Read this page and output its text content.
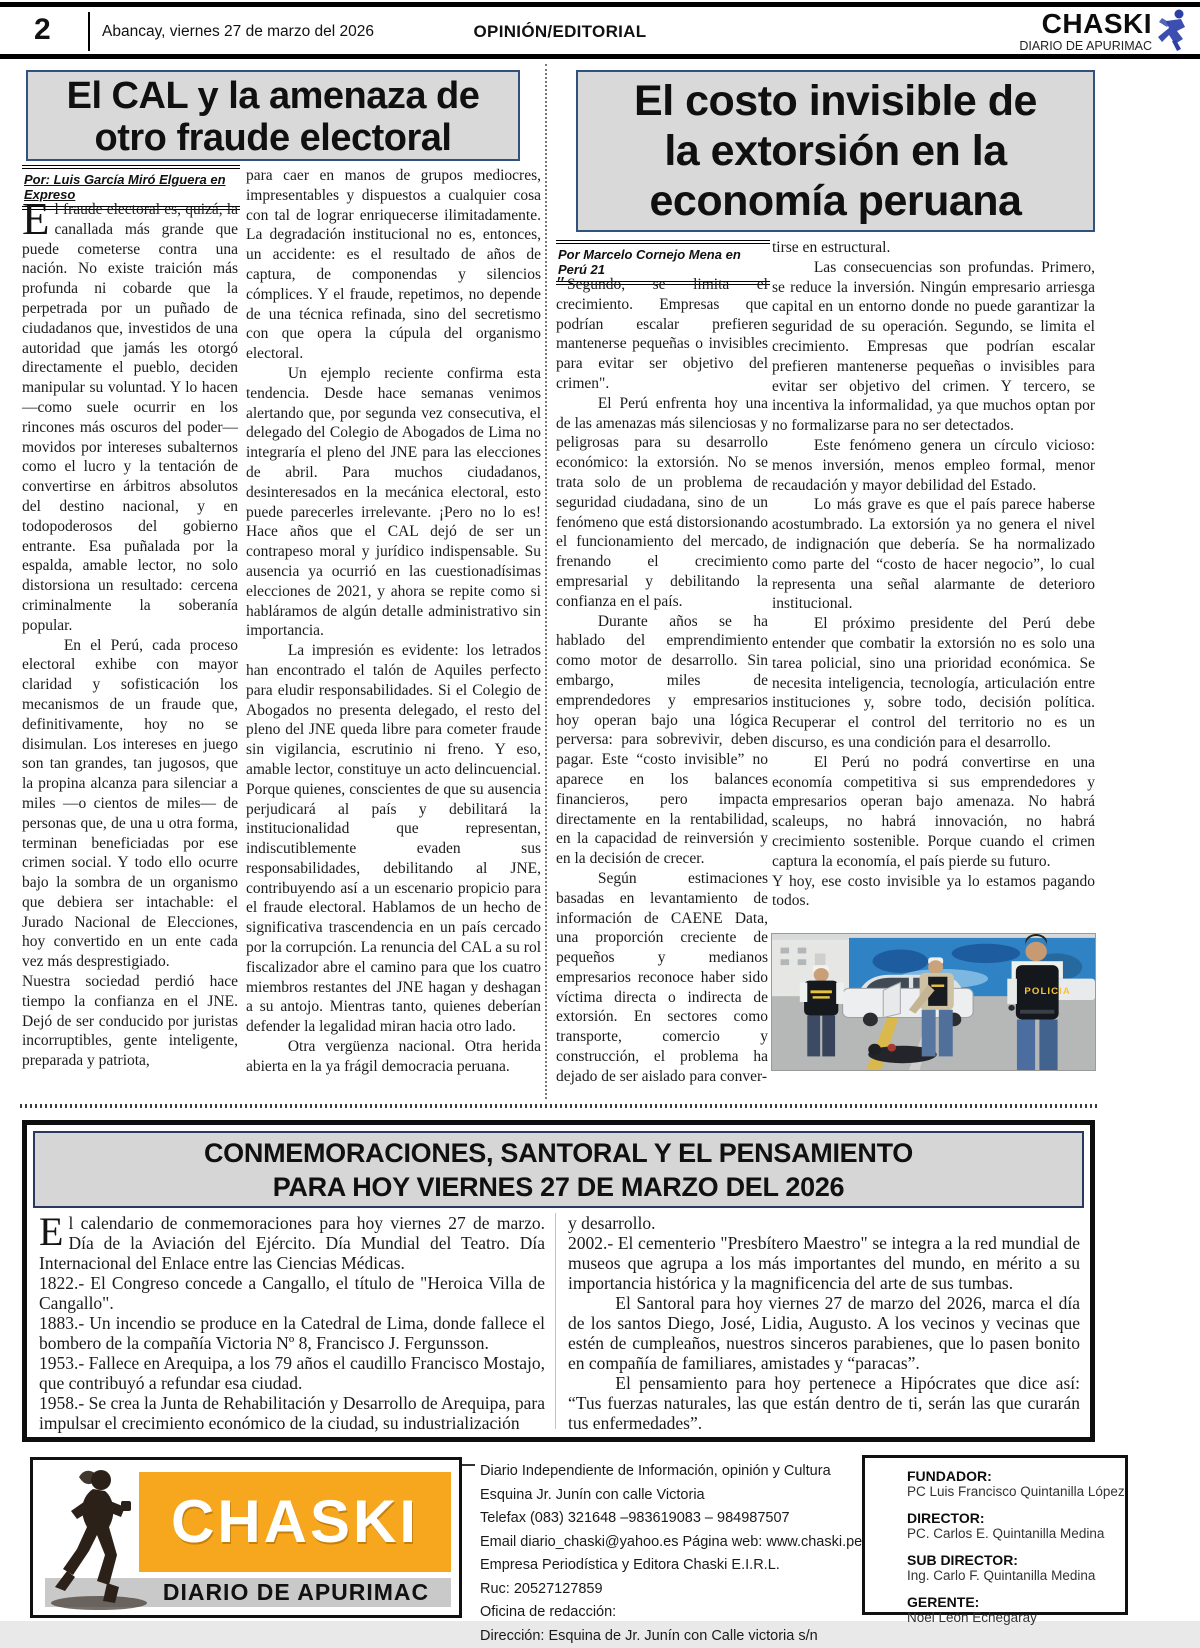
2	Abancay, viernes 27 de marzo del 2026	OPINIÓN/EDITORIAL	CHASKI
DIARIO DE APURIMAC
El CAL y la amenaza de
otro fraude electoral
Por: Luis García Miró Elguera en Expreso

El fraude electoral es, quizá, la canallada más grande que puede cometerse contra una nación. No existe traición más profunda ni cobarde que la perpetrada por un puñado de ciudadanos que, investidos de una autoridad que jamás les otorgó directamente el pueblo, deciden manipular su voluntad. Y lo hacen —como suele ocurrir en los rincones más oscuros del poder— movidos por intereses subalternos como el lucro y la tentación de convertirse en árbitros absolutos del destino nacional, y en todopoderosos del gobierno entrante. Esa puñalada por la espalda, amable lector, no solo distorsiona un resultado: cercena criminalmente la soberanía popular.

En el Perú, cada proceso electoral exhibe con mayor claridad y sofisticación los mecanismos de un fraude que, definitivamente, hoy no se disimulan. Los intereses en juego son tan grandes, tan jugosos, que la propina alcanza para silenciar a miles —o cientos de miles— de personas que, de una u otra forma, terminan beneficiadas por ese crimen social. Y todo ello ocurre bajo la sombra de un organismo que debiera ser intachable: el Jurado Nacional de Elecciones, hoy convertido en un ente cada vez más desprestigiado.

Nuestra sociedad perdió hace tiempo la confianza en el JNE. Dejó de ser conducido por juristas incorruptibles, gente inteligente, preparada y patriota,

para caer en manos de grupos mediocres, impresentables y dispuestos a cualquier cosa con tal de lograr enriquecerse ilimitadamente. La degradación institucional no es, entonces, un accidente: es el resultado de años de captura, de componendas y silencios cómplices. Y el fraude, repetimos, no depende de una técnica refinada, sino del secretismo con que opera la cúpula del organismo electoral.

Un ejemplo reciente confirma esta tendencia. Desde hace semanas venimos alertando que, por segunda vez consecutiva, el delegado del Colegio de Abogados de Lima no integraría el pleno del JNE para las elecciones de abril. Para muchos ciudadanos, desinteresados en la mecánica electoral, esto puede parecerles irrelevante. ¡Pero no lo es! Hace años que el CAL dejó de ser un contrapeso moral y jurídico indispensable. Su ausencia ya ocurrió en las cuestionadísimas elecciones de 2021, y ahora se repite como si habláramos de algún detalle administrativo sin importancia.

La impresión es evidente: los letrados han encontrado el talón de Aquiles perfecto para eludir responsabilidades. Si el Colegio de Abogados no presenta delegado, el resto del pleno del JNE queda libre para cometer fraude sin vigilancia, escrutinio ni freno. Y eso, amable lector, constituye un acto delincuencial. Porque quienes, conscientes de que su ausencia perjudicará al país y debilitará la institucionalidad que representan, indiscutiblemente evaden sus responsabilidades, debilitando al JNE, contribuyendo así a un escenario propicio para el fraude electoral. Hablamos de un hecho de significativa trascendencia en un país cercado por la corrupción. La renuncia del CAL a su rol fiscalizador abre el camino para que los cuatro miembros restantes del JNE hagan y deshagan a su antojo. Mientras tanto, quienes deberían defender la legalidad miran hacia otro lado.

Otra vergüenza nacional. Otra herida abierta en la ya frágil democracia peruana.

El costo invisible de
la extorsión en la
economía peruana
Por Marcelo Cornejo Mena en Perú 21

″ Segundo, se limita el crecimiento. Empresas que podrían escalar prefieren mantenerse pequeñas o invisibles para evitar ser objetivo del crimen".

El Perú enfrenta hoy una de las amenazas más silenciosas y peligrosas para su desarrollo económico: la extorsión. No se trata solo de un problema de seguridad ciudadana, sino de un fenómeno que está distorsionando el funcionamiento del mercado, frenando el crecimiento empresarial y debilitando la confianza en el país.

Durante años se ha hablado del emprendimiento como motor de desarrollo. Sin embargo, miles de emprendedores y empresarios hoy operan bajo una lógica perversa: para sobrevivir, deben pagar. Este “costo invisible” no aparece en los balances financieros, pero impacta directamente en la rentabilidad, en la capacidad de reinversión y en la decisión de crecer.

Según estimaciones basadas en levantamiento de información de CAENE Data, una proporción creciente de pequeños y medianos empresarios reconoce haber sido víctima directa o indirecta de extorsión. En sectores como transporte, comercio y construcción, el problema ha dejado de ser aislado para conver-

tirse en estructural.

Las consecuencias son profundas. Primero, se reduce la inversión. Ningún empresario arriesga capital en un entorno donde no puede garantizar la seguridad de su operación. Segundo, se limita el crecimiento. Empresas que podrían escalar prefieren mantenerse pequeñas o invisibles para evitar ser objetivo del crimen. Y tercero, se incentiva la informalidad, ya que muchos optan por no formalizarse para no ser detectados.

Este fenómeno genera un círculo vicioso: menos inversión, menos empleo formal, menor recaudación y mayor debilidad del Estado.

Lo más grave es que el país parece haberse acostumbrado. La extorsión ya no genera el nivel de indignación que debería. Se ha normalizado como parte del “costo de hacer negocio”, lo cual representa una señal alarmante de deterioro institucional.

El próximo presidente del Perú debe entender que combatir la extorsión no es solo una tarea policial, sino una prioridad económica. Se necesita inteligencia, tecnología, articulación entre instituciones y, sobre todo, decisión política. Recuperar el control del territorio no es un discurso, es una condición para el desarrollo.

El Perú no podrá convertirse en una economía competitiva si sus emprendedores y empresarios operan bajo amenaza. No habrá scaleups, no habrá innovación, no habrá crecimiento sostenible. Porque cuando el crimen captura la economía, el país pierde su futuro.

Y hoy, ese costo invisible ya lo estamos pagando todos.

POLICIA
CONMEMORACIONES, SANTORAL Y EL PENSAMIENTO
PARA HOY VIERNES 27 DE MARZO DEL 2026

El calendario de conmemoraciones para hoy viernes 27 de marzo. Día de la Aviación del Ejército. Día Mundial del Teatro. Día Internacional del Enlace entre las Ciencias Médicas.

1822.- El Congreso concede a Cangallo, el título de "Heroica Villa de Cangallo".

1883.- Un incendio se produce en la Catedral de Lima, donde fallece el bombero de la compañía Victoria Nº 8, Francisco J. Fergunsson.

1953.- Fallece en Arequipa, a los 79 años el caudillo Francisco Mostajo, que contribuyó a refundar esa ciudad.

1958.- Se crea la Junta de Rehabilitación y Desarrollo de Arequipa, para impulsar el crecimiento económico de la ciudad, su industrialización

y desarrollo.

2002.- El cementerio "Presbítero Maestro" se integra a la red mundial de museos que agrupa a los más importantes del mundo, en mérito a su importancia histórica y la magnificencia del arte de sus tumbas.

El Santoral para hoy viernes 27 de marzo del 2026, marca el día de los santos Diego, José, Lidia, Augusto. A los vecinos y vecinas que estén de cumpleaños, nuestros sinceros parabienes, que lo pasen bonito en compañía de familiares, amistades y “paracas”.

El pensamiento para hoy pertenece a Hipócrates que dice así: “Tus fuerzas naturales, las que están dentro de ti, serán las que curarán tus enfermedades”.

CHASKI
DIARIO DE APURIMAC
Diario Independiente de Información, opinión y Cultura
Esquina Jr. Junín con calle Victoria
Telefax (083) 321648 –983619083 – 984987507
Email diario_chaski@yahoo.es Página web: www.chaski.pe
Empresa Periodística y Editora Chaski E.I.R.L.
Ruc: 20527127859
Oficina de redacción:
Dirección: Esquina de Jr. Junín con Calle victoria s/n
FUNDADOR:
PC Luis Francisco Quintanilla López
DIRECTOR:
PC. Carlos E. Quintanilla Medina
SUB DIRECTOR:
Ing. Carlo F. Quintanilla Medina
GERENTE:
Noel León Echegaray
